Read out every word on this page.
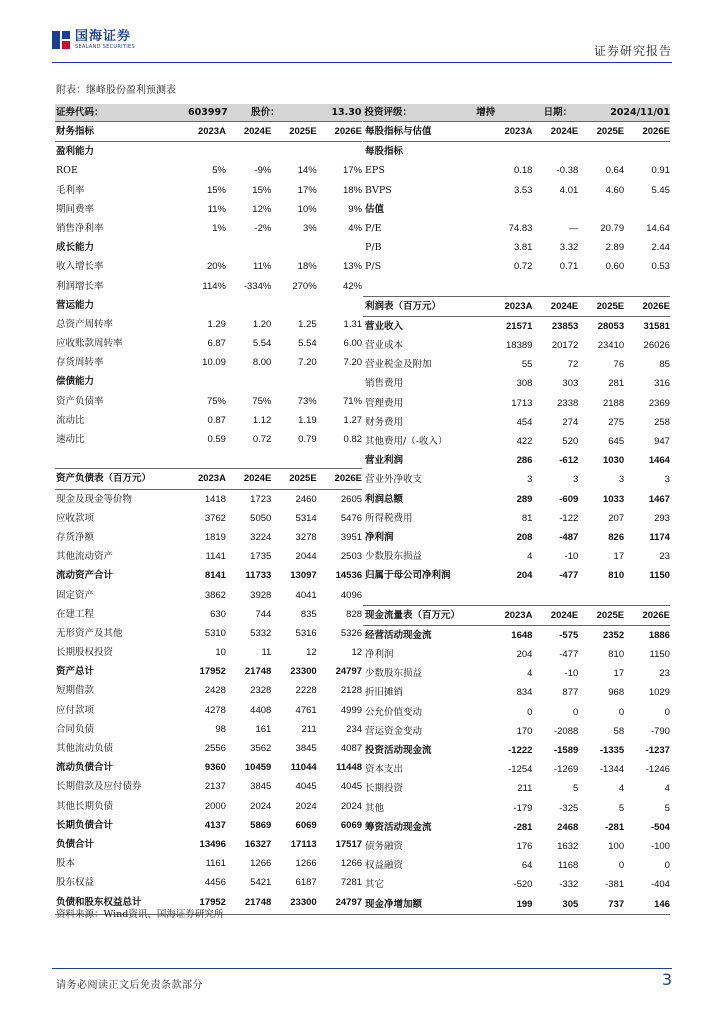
国海证券
SEALAND SECURITIES	证券研究报告
附表：继峰股份盈利预测表
证券代码：	603997	股价：	13.30 投资评级：	增持	日期：	2024/11/01
财务指标	2023A	2024E	2025E	2026E
盈利能力
ROE	5%	-9%	14%	17%
毛利率	15%	15%	17%	18%
期间费率	11%	12%	10%	9%
销售净利率	1%	-2%	3%	4%
成长能力
收入增长率	20%	11%	18%	13%
利润增长率	114%	-334%	270%	42%
营运能力
总资产周转率	1.29	1.20	1.25	1.31
应收账款周转率	6.87	5.54	5.54	6.00
存货周转率	10.09	8.00	7.20	7.20
偿债能力
资产负债率	75%	75%	73%	71%
流动比	0.87	1.12	1.19	1.27
速动比	0.59	0.72	0.79	0.82
资产负债表（百万元）	2023A	2024E	2025E	2026E
现金及现金等价物	1418	1723	2460	2605
应收款项	3762	5050	5314	5476
存货净额	1819	3224	3278	3951
其他流动资产	1141	1735	2044	2503
流动资产合计	8141	11733	13097	14536
固定资产	3862	3928	4041	4096
在建工程	630	744	835	828
无形资产及其他	5310	5332	5316	5326
长期股权投资	10	11	12	12
资产总计	17952	21748	23300	24797
短期借款	2428	2328	2228	2128
应付款项	4278	4408	4761	4999
合同负债	98	161	211	234
其他流动负债	2556	3562	3845	4087
流动负债合计	9360	10459	11044	11448
长期借款及应付债券	2137	3845	4045	4045
其他长期负债	2000	2024	2024	2024
长期负债合计	4137	5869	6069	6069
负债合计	13496	16327	17113	17517
股本	1161	1266	1266	1266
股东权益	4456	5421	6187	7281
负债和股东权益总计	17952	21748	23300	24797
每股指标与估值	2023A	2024E	2025E	2026E
每股指标
EPS	0.18	-0.38	0.64	0.91
BVPS	3.53	4.01	4.60	5.45
估值
P/E	74.83	—	20.79	14.64
P/B	3.81	3.32	2.89	2.44
P/S	0.72	0.71	0.60	0.53
利润表（百万元）	2023A	2024E	2025E	2026E
营业收入	21571	23853	28053	31581
营业成本	18389	20172	23410	26026
营业税金及附加	55	72	76	85
销售费用	308	303	281	316
管理费用	1713	2338	2188	2369
财务费用	454	274	275	258
其他费用/（-收入）	422	520	645	947
营业利润	286	-612	1030	1464
营业外净收支	3	3	3	3
利润总额	289	-609	1033	1467
所得税费用	81	-122	207	293
净利润	208	-487	826	1174
少数股东损益	4	-10	17	23
归属于母公司净利润	204	-477	810	1150
现金流量表（百万元）	2023A	2024E	2025E	2026E
经营活动现金流	1648	-575	2352	1886
净利润	204	-477	810	1150
少数股东损益	4	-10	17	23
折旧摊销	834	877	968	1029
公允价值变动	0	0	0	0
营运资金变动	170	-2088	58	-790
投资活动现金流	-1222	-1589	-1335	-1237
资本支出	-1254	-1269	-1344	-1246
长期投资	211	5	4	4
其他	-179	-325	5	5
筹资活动现金流	-281	2468	-281	-504
债务融资	176	1632	100	-100
权益融资	64	1168	0	0
其它	-520	-332	-381	-404
现金净增加额	199	305	737	146
资料来源：Wind资讯、国海证券研究所
请务必阅读正文后免责条款部分	3
